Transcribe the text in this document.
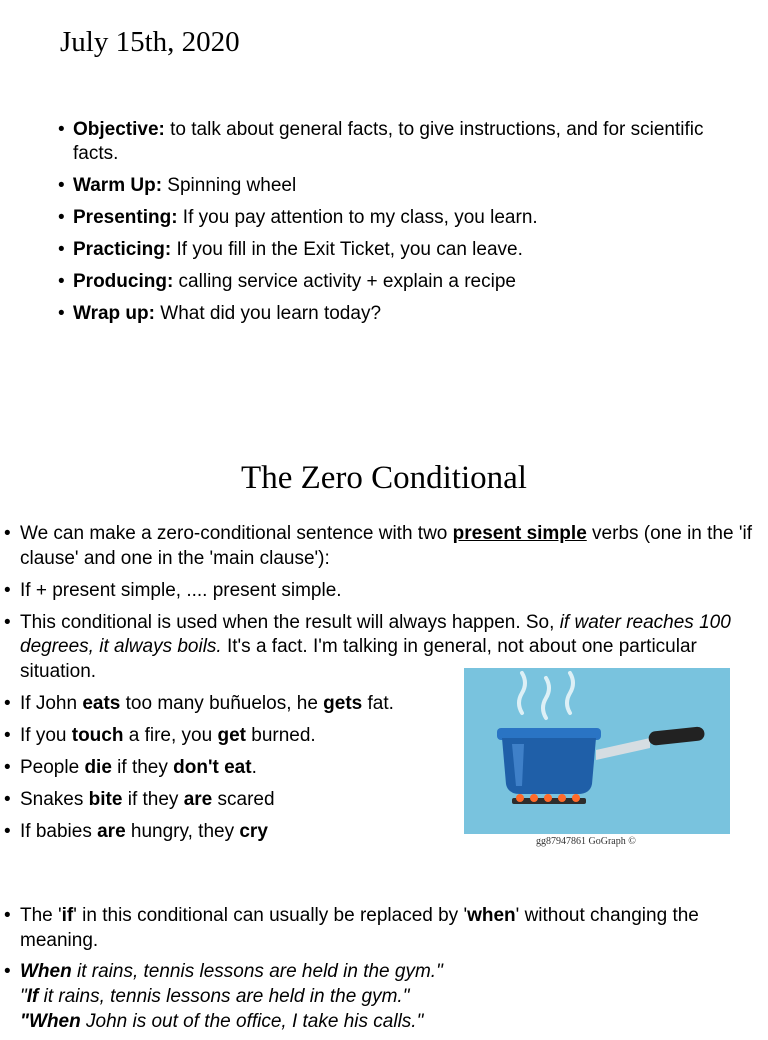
July 15th, 2020
• Objective: to talk about general facts, to give instructions, and for scientific facts.
• Warm Up: Spinning wheel
• Presenting: If you pay attention to my class, you learn.
• Practicing: If you fill in the Exit Ticket, you can leave.
• Producing: calling service activity + explain a recipe
• Wrap up: What did you learn today?
The Zero Conditional
• We can make a zero-conditional sentence with two present simple verbs (one in the 'if clause' and one in the 'main clause'):
• If + present simple, .... present simple.
• This conditional is used when the result will always happen. So, if water reaches 100 degrees, it always boils. It's a fact. I'm talking in general, not about one particular situation.
• If John eats too many buñuelos, he gets fat.
• If you touch a fire, you get burned.
• People die if they don't eat.
• Snakes bite if they are scared
• If babies are hungry, they cry	gg87947861 GoGraph ©
• The 'if' in this conditional can usually be replaced by 'when' without changing the meaning.
• When it rains, tennis lessons are held in the gym."
"If it rains, tennis lessons are held in the gym."
"When John is out of the office, I take his calls."
